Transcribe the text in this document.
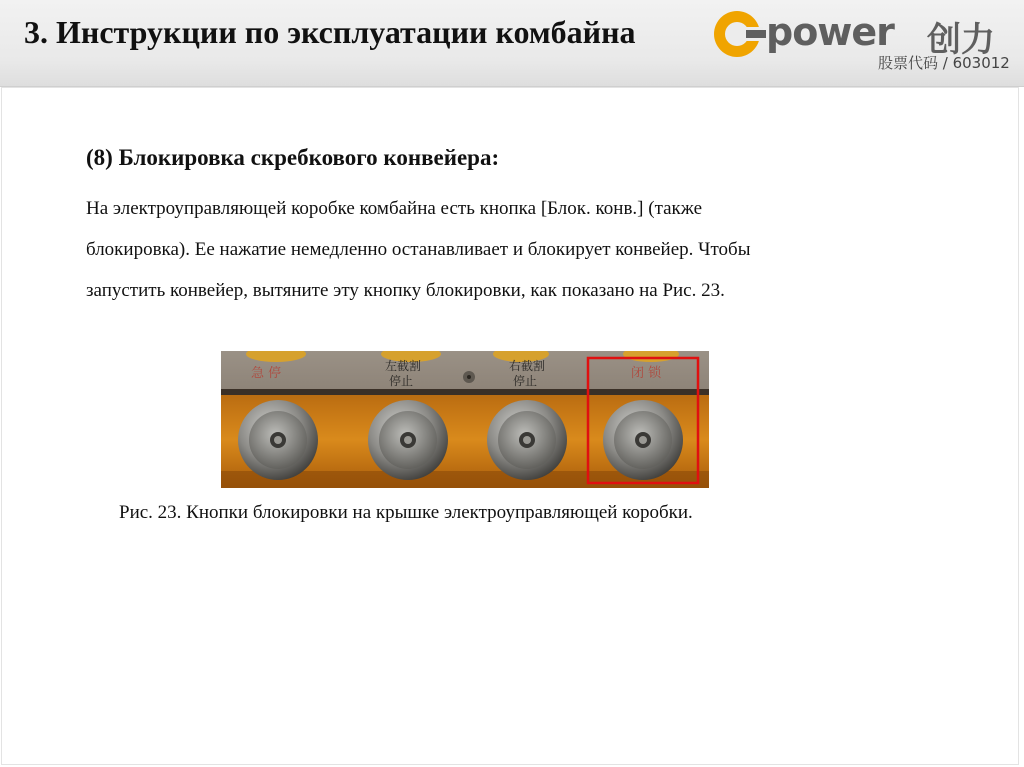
3. Инструкции по эксплуатации комбайна	power 创力
股票代码 / 603012
(8) Блокировка скребкового конвейера:
На электроуправляющей коробке комбайна есть кнопка [Блок. конв.] (также
блокировка). Ее нажатие немедленно останавливает и блокирует конвейер. Чтобы
запустить конвейер, вытяните эту кнопку блокировки, как показано на Рис. 23.
急 停	左截割
停止
右截割
停止	闭 锁
Рис. 23. Кнопки блокировки на крышке электроуправляющей коробки.
